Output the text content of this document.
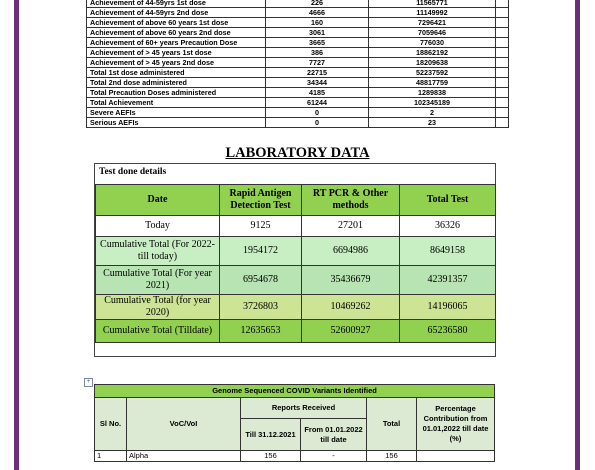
Achievement of 44-59yrs 1st dose	226	11565771	
Achievement of 44-59yrs 2nd dose	4666	11149992	
Achievement of above 60 years 1st dose	160	7296421	
Achievement of above 60 years 2nd dose	3061	7059646	
Achievement of 60+ years Precaution Dose	3665	776030	
Achievement of > 45 years 1st dose	386	18862192	
Achievement of > 45 years 2nd dose	7727	18209638	
Total 1st dose administered	22715	52237592	
Total 2nd dose administered	34344	48817759	
Total Precaution Doses administered	4185	1289838	
Total Achievement	61244	102345189	
Severe AEFIs	0	2	
Serious AEFIs	0	23	
LABORATORY DATA
Test done details
Date	Rapid Antigen Detection Test	RT PCR & Other methods	Total Test
Today	9125	27201	36326
Cumulative Total (For 2022- till today)	1954172	6694986	8649158
Cumulative Total (For year 2021)	6954678	35436679	42391357
Cumulative Total (for year 2020)	3726803	10469262	14196065
Cumulative Total (Tilldate)	12635653	52600927	65236580
+
Genome Sequenced COVID Variants Identified					
Sl No.	VoC/VoI	Reports Received		Total	Percentage Contribution from 01.01,2022 till date (%)
		Till 31.12.2021	From 01.01.2022 till date		
1	Alpha	156	-	156	
